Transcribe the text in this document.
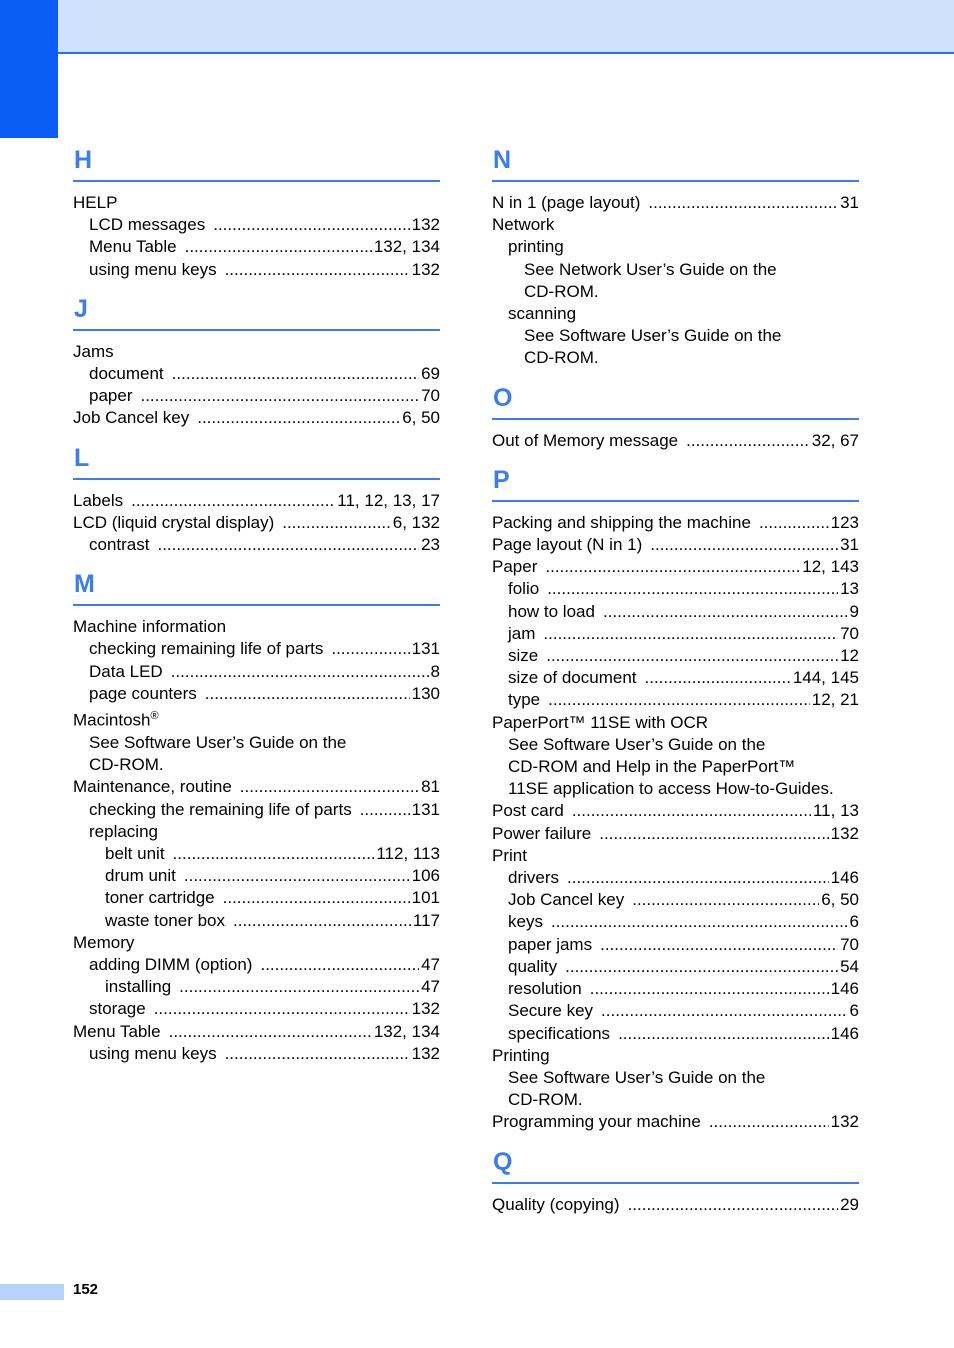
H
HELP
LCD messages .....	132
Menu Table .....	132, 134
using menu keys .....	132
J
Jams
document .....	69
paper .....	70
Job Cancel key .....	6, 50
L
Labels .....	11, 12, 13, 17
LCD (liquid crystal display) .....	6, 132
contrast .....	23
M
Machine information
checking remaining life of parts .....	131
Data LED .....	8
page counters .....	130
Macintosh®
See Software User’s Guide on the
CD-ROM.
Maintenance, routine .....	81
checking the remaining life of parts .....	131
replacing
belt unit .....	112, 113
drum unit .....	106
toner cartridge .....	101
waste toner box .....	117
Memory
adding DIMM (option) .....	47
installing .....	47
storage .....	132
Menu Table .....	132, 134
using menu keys .....	132
N
N in 1 (page layout) .....	31
Network
printing
See Network User’s Guide on the
CD-ROM.
scanning
See Software User’s Guide on the
CD-ROM.
O
Out of Memory message .....	32, 67
P
Packing and shipping the machine .....	123
Page layout (N in 1) .....	31
Paper .....	12, 143
folio .....	13
how to load .....	9
jam .....	70
size .....	12
size of document .....	144, 145
type .....	12, 21
PaperPort™ 11SE with OCR
See Software User’s Guide on the
CD-ROM and Help in the PaperPort™
11SE application to access How-to-Guides.
Post card .....	11, 13
Power failure .....	132
Print
drivers .....	146
Job Cancel key .....	6, 50
keys .....	6
paper jams .....	70
quality .....	54
resolution .....	146
Secure key .....	6
specifications .....	146
Printing
See Software User’s Guide on the
CD-ROM.
Programming your machine .....	132
Q
Quality (copying) .....	29
152
